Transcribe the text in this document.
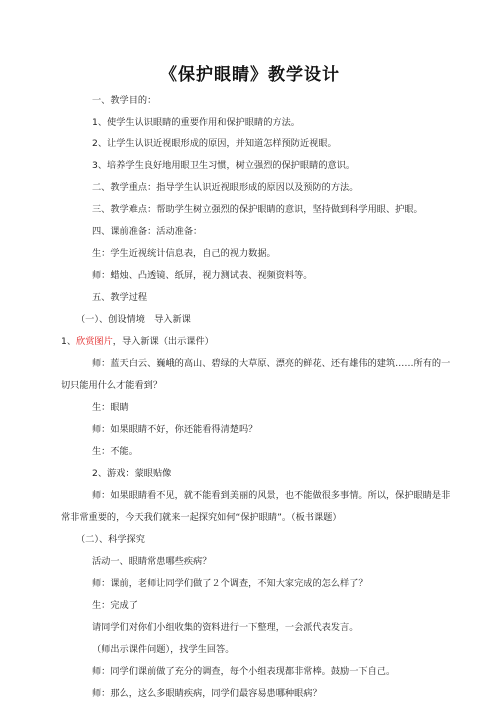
《保护眼睛》教学设计
一、教学目的：
1、使学生认识眼睛的重要作用和保护眼睛的方法。
2、让学生认识近视眼形成的原因，并知道怎样预防近视眼。
3、培养学生良好地用眼卫生习惯，树立强烈的保护眼睛的意识。
二、教学重点：指导学生认识近视眼形成的原因以及预防的方法。
三、教学难点：帮助学生树立强烈的保护眼睛的意识，坚持做到科学用眼、护眼。
四、课前准备：活动准备：
生：学生近视统计信息表，自己的视力数据。
师：蜡烛、凸透镜、纸屏，视力测试表、视频资料等。
五、教学过程
（一）、创设情境　导入新课
1、欣赏图片，导入新课（出示课件）
师：蓝天白云、巍峨的高山、碧绿的大草原、漂亮的鲜花、还有雄伟的建筑……所有的一
切只能用什么才能看到？
生：眼睛
师：如果眼睛不好，你还能看得清楚吗？
生：不能。
2、游戏：蒙眼贴像
师：如果眼睛看不见，就不能看到美丽的风景，也不能做很多事情。所以，保护眼睛是非
常非常重要的，今天我们就来一起探究如何“保护眼睛”。（板书课题）
（二）、科学探究
活动一、眼睛常患哪些疾病？
师：课前，老师让同学们做了２个调查，不知大家完成的怎么样了？
生：完成了
请同学们对你们小组收集的资料进行一下整理，一会派代表发言。
（师出示课件问题），找学生回答。
师：同学们课前做了充分的调查，每个小组表现都非常棒。鼓励一下自己。
师：那么，这么多眼睛疾病，同学们最容易患哪种眼病？
